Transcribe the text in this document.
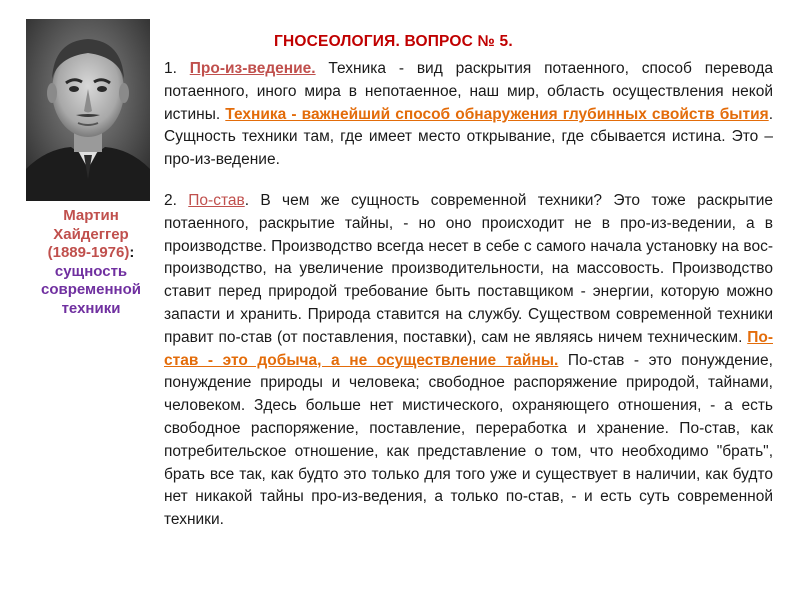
Мартин
Хайдеггер
(1889-1976):
сущность
современной
техники
ГНОСЕОЛОГИЯ. ВОПРОС № 5.
1. Про-из-ведение. Техника - вид раскрытия потаенного, способ перевода потаенного, иного мира в непотаенное, наш мир, область осуществления некой истины. Техника - важнейший способ обнаружения глубинных свойств бытия. Сущность техники там, где имеет место открывание, где сбывается истина. Это – про-из-ведение.
2. По-став. В чем же сущность современной техники? Это тоже раскрытие потаенного, раскрытие тайны, - но оно происходит не в про-из-ведении, а в производстве. Производство всегда несет в себе с самого начала установку на вос-производство, на увеличение производительности, на массовость. Производство ставит перед природой требование быть поставщиком - энергии, которую можно запасти и хранить. Природа ставится на службу. Существом современной техники правит по-став (от поставления, поставки), сам не являясь ничем техническим. По-став - это добыча, а не осуществление тайны. По-став - это понуждение, понуждение природы и человека; свободное распоряжение природой, тайнами, человеком. Здесь больше нет мистического, охраняющего отношения, - а есть свободное распоряжение, поставление, переработка и хранение. По-став, как потребительское отношение, как представление о том, что необходимо "брать", брать все так, как будто это только для того уже и существует в наличии, как будто нет никакой тайны про-из-ведения, а только по-став, - и есть суть современной техники.
